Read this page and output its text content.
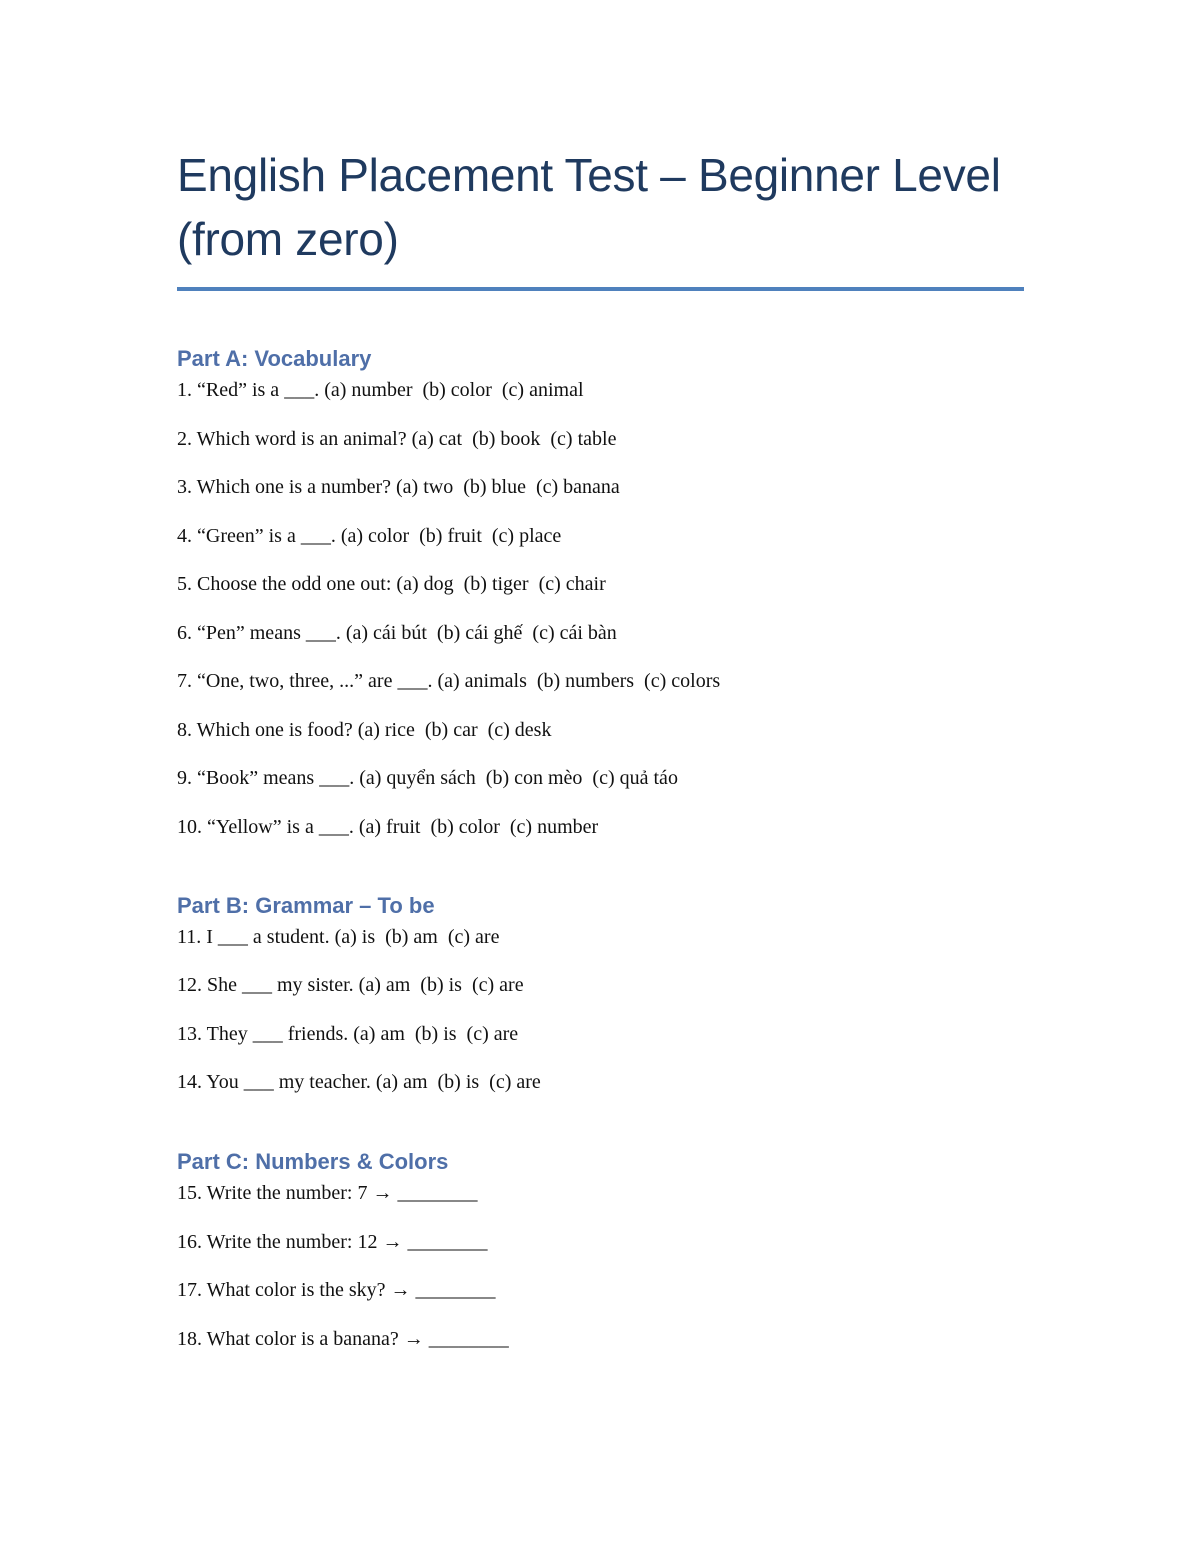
English Placement Test – Beginner Level
(from zero)
Part A: Vocabulary

1. “Red” is a ___. (a) number  (b) color  (c) animal

2. Which word is an animal? (a) cat  (b) book  (c) table

3. Which one is a number? (a) two  (b) blue  (c) banana

4. “Green” is a ___. (a) color  (b) fruit  (c) place

5. Choose the odd one out: (a) dog  (b) tiger  (c) chair

6. “Pen” means ___. (a) cái bút  (b) cái ghế  (c) cái bàn

7. “One, two, three, ...” are ___. (a) animals  (b) numbers  (c) colors

8. Which one is food? (a) rice  (b) car  (c) desk

9. “Book” means ___. (a) quyển sách  (b) con mèo  (c) quả táo

10. “Yellow” is a ___. (a) fruit  (b) color  (c) number

Part B: Grammar – To be

11. I ___ a student. (a) is  (b) am  (c) are

12. She ___ my sister. (a) am  (b) is  (c) are

13. They ___ friends. (a) am  (b) is  (c) are

14. You ___ my teacher. (a) am  (b) is  (c) are

Part C: Numbers & Colors

15. Write the number: 7 → ________

16. Write the number: 12 → ________

17. What color is the sky? → ________

18. What color is a banana? → ________
